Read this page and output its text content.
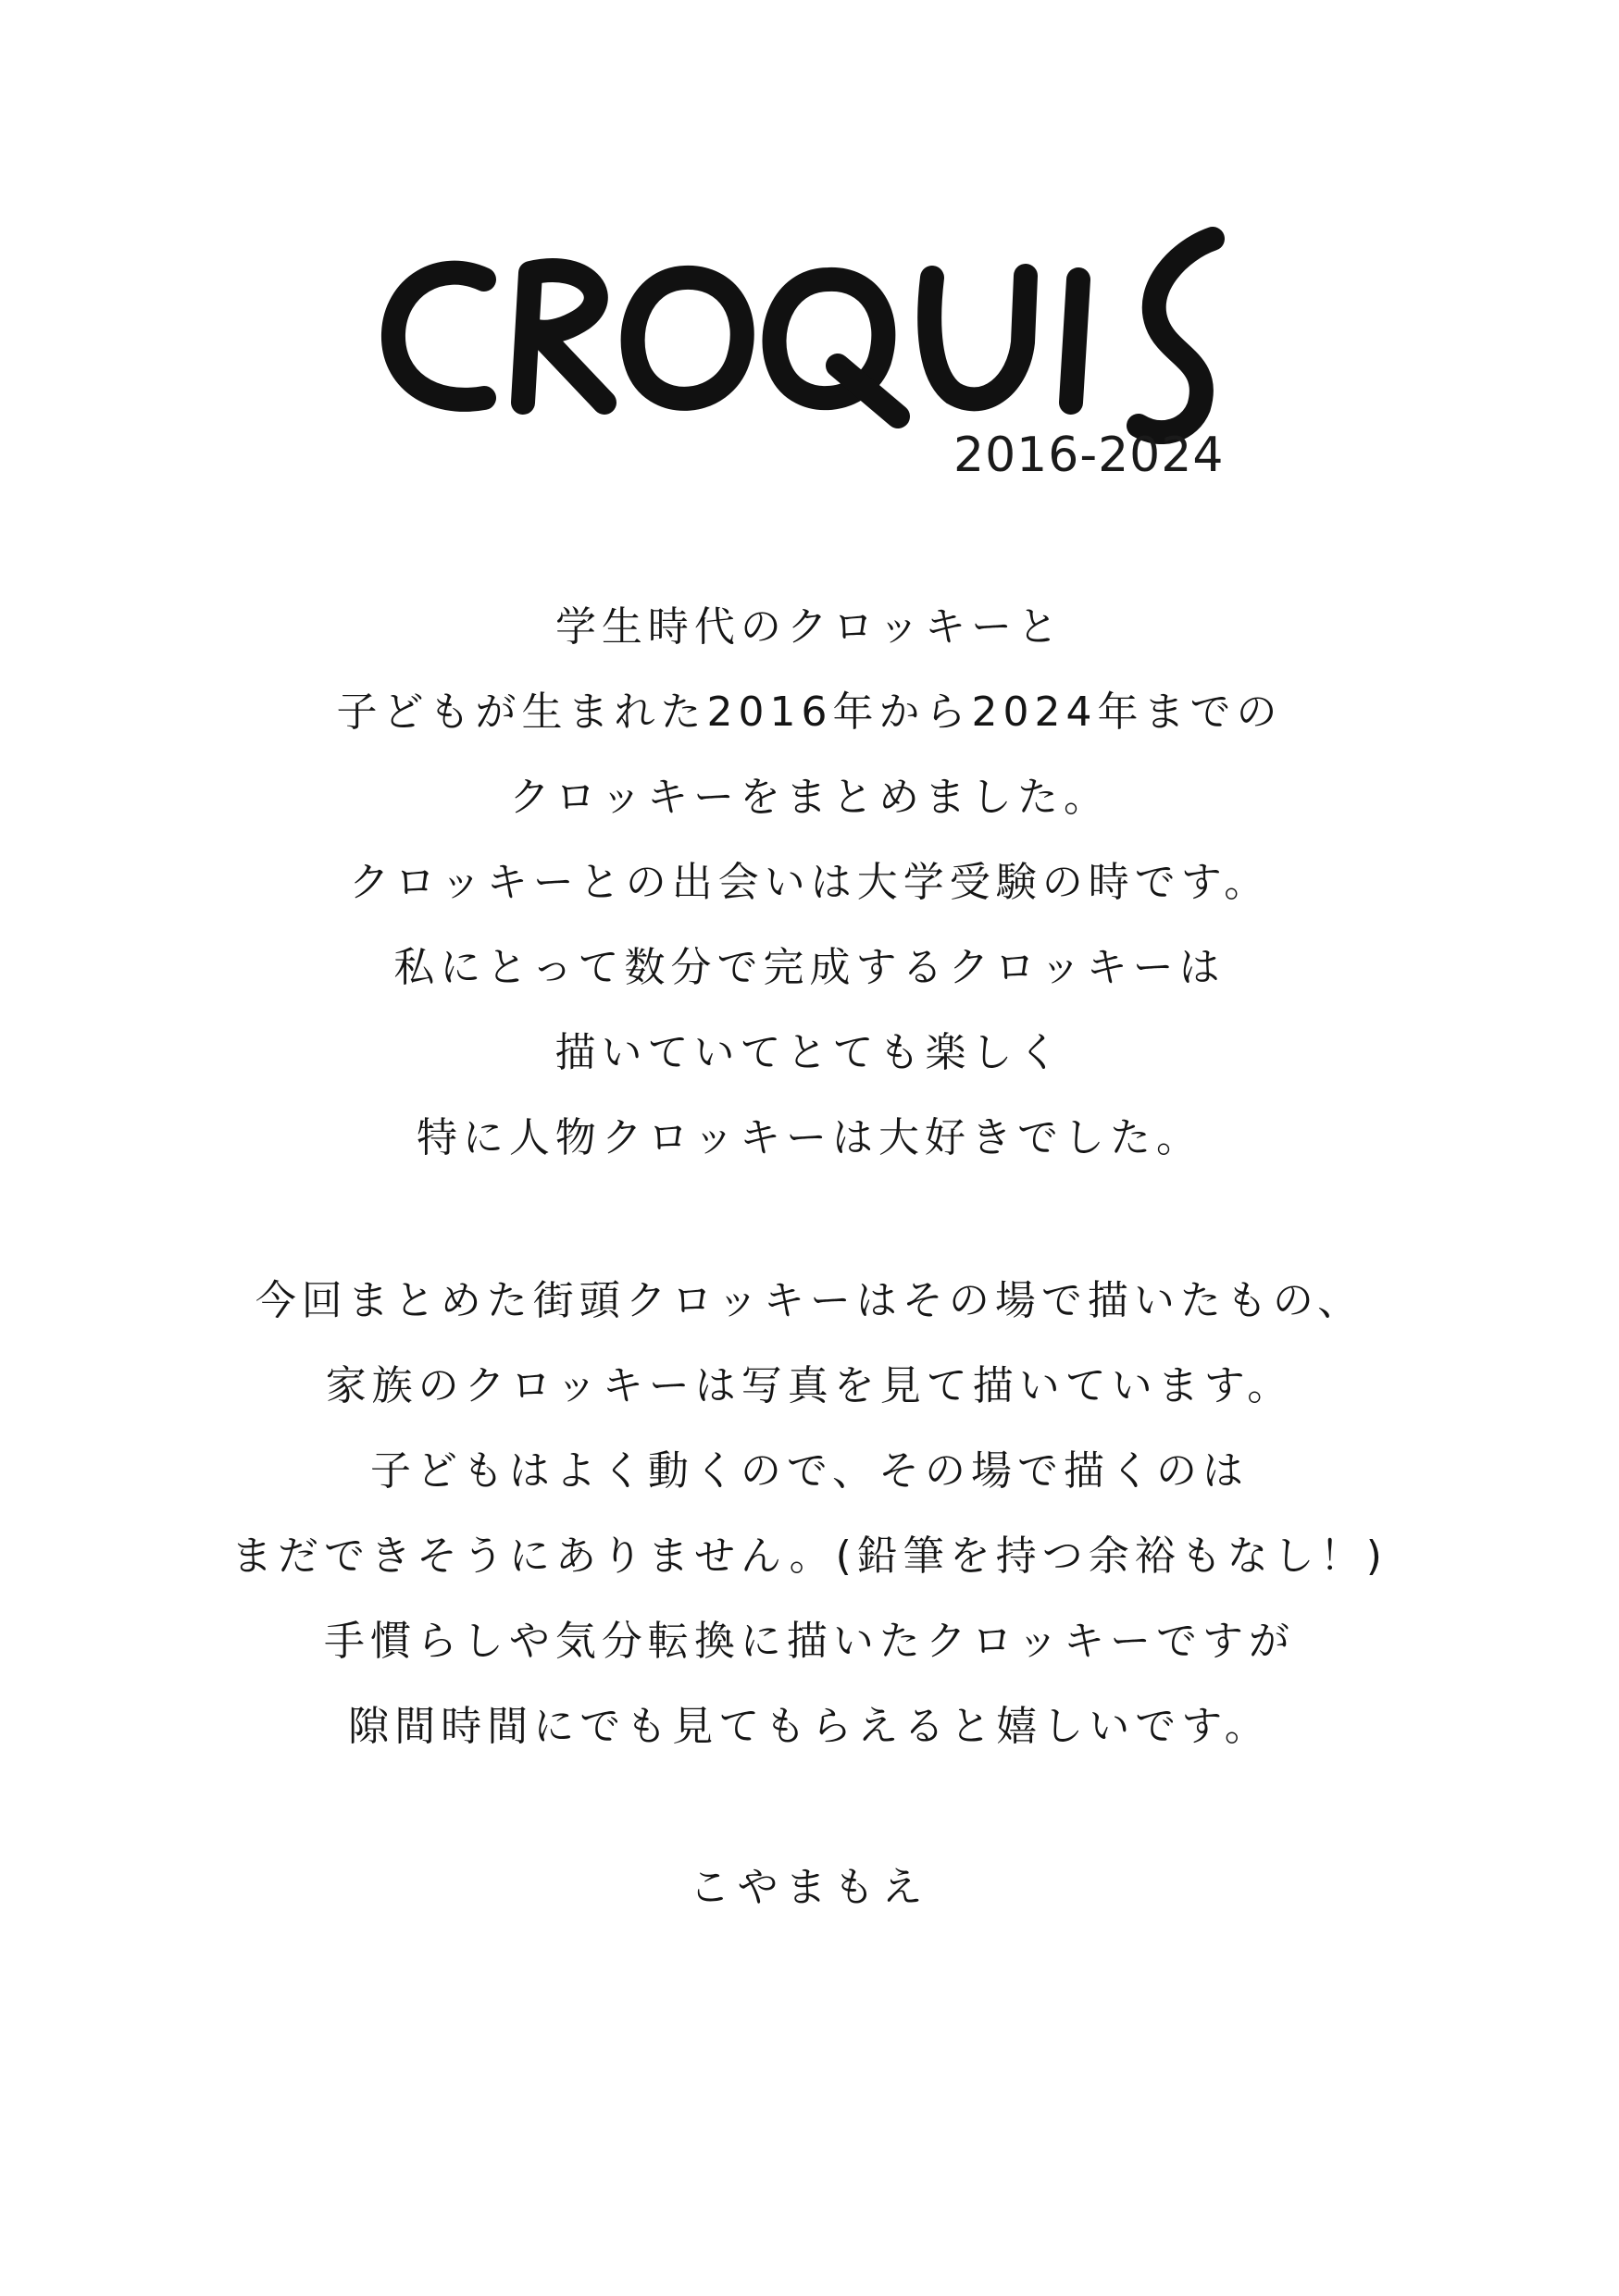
2016-2024
学生時代のクロッキーと
子どもが生まれた2016年から2024年までの
クロッキーをまとめました。
クロッキーとの出会いは大学受験の時です。
私にとって数分で完成するクロッキーは
描いていてとても楽しく
特に人物クロッキーは大好きでした。
今回まとめた街頭クロッキーはその場で描いたもの、
家族のクロッキーは写真を見て描いています。
子どもはよく動くので、その場で描くのは
まだできそうにありません。(鉛筆を持つ余裕もなし！)
手慣らしや気分転換に描いたクロッキーですが
隙間時間にでも見てもらえると嬉しいです。
こやまもえ
